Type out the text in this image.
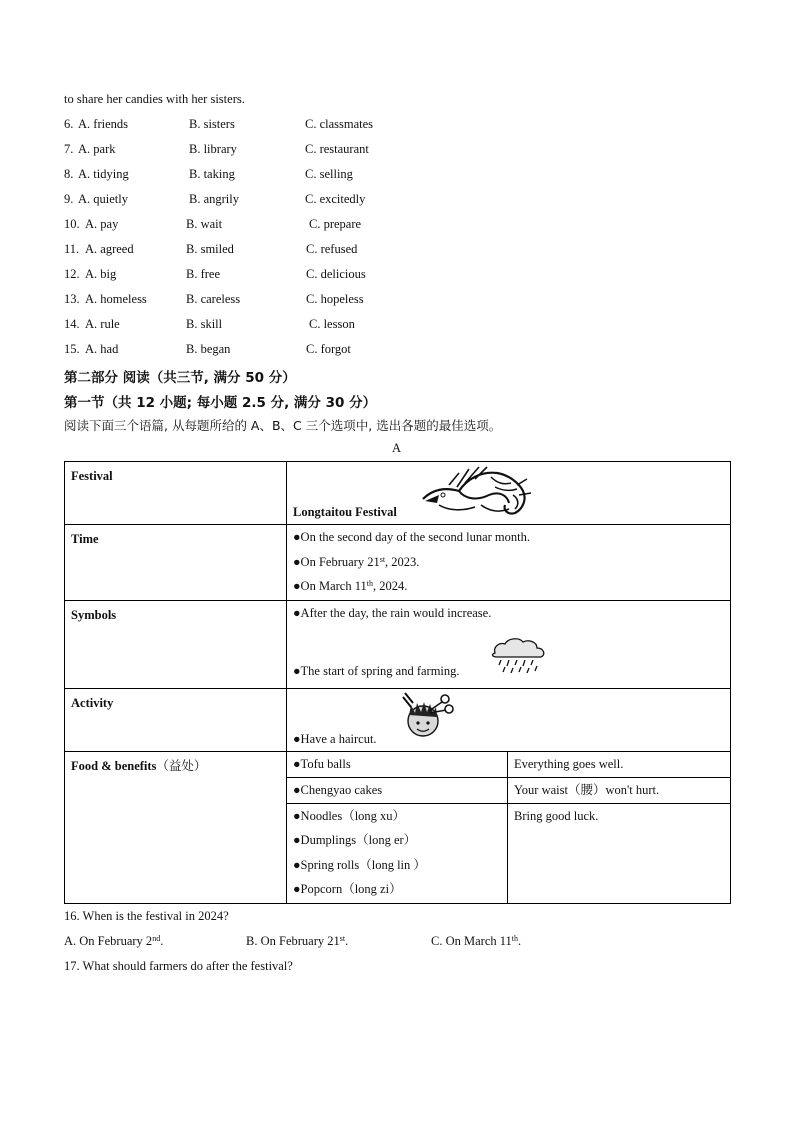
to share her candies with her sisters.
6. A. friends	B. sisters	C. classmates
7. A. park	B. library	C. restaurant
8. A. tidying	B. taking	C. selling
9. A. quietly	B. angrily	C. excitedly
10. A. pay	B. wait	C. prepare
11. A. agreed	B. smiled	C. refused
12. A. big	B. free	C. delicious
13. A. homeless	B. careless	C. hopeless
14. A. rule	B. skill	C. lesson
15. A. had	B. began	C. forgot
第二部分 阅读（共三节, 满分 50 分）
第一节（共 12 小题; 每小题 2.5 分, 满分 30 分）
阅读下面三个语篇, 从每题所给的 A、B、C 三个选项中, 选出各题的最佳选项。
A
Festival	Longtaitou Festival	

Time	●On the second day of the second lunar month.
●On February 21st, 2023.
●On March 11th, 2024.	

Symbols	●After the day, the rain would increase.
●The start of spring and farming.	

Activity	●Have a haircut.	

Food & benefits（益处）	●Tofu balls	Everything goes well.
	●Chengyao cakes	Your waist（腰）won't hurt.

	●Noodles（long xu）
●Dumplings（long er）
●Spring rolls（long lin ）
●Popcorn（long zi）	Bring good luck.
16. When is the festival in 2024?
A. On February 2nd.	B. On February 21st.	C. On March 11th.
17. What should farmers do after the festival?
